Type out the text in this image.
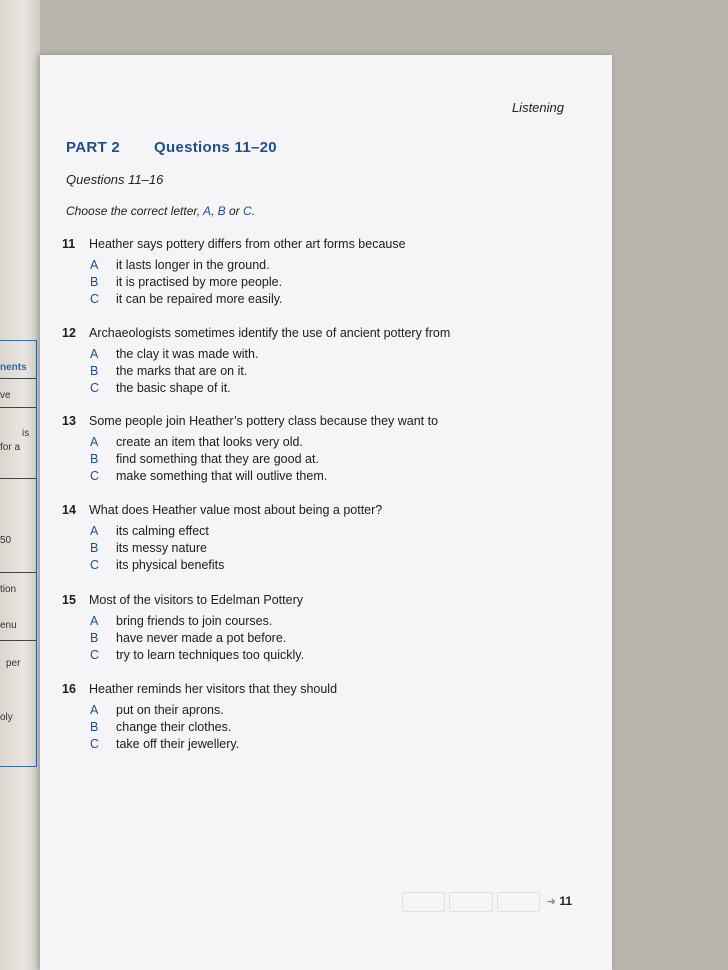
nents
ve
is
for a
50
tion
enu
per
oly
Listening
PART 2 Questions 11–20
Questions 11–16
Choose the correct letter, A, B or C.
11 Heather says pottery differs from other art forms because
A it lasts longer in the ground.
B it is practised by more people.
C it can be repaired more easily.
12 Archaeologists sometimes identify the use of ancient pottery from
A the clay it was made with.
B the marks that are on it.
C the basic shape of it.
13 Some people join Heather’s pottery class because they want to
A create an item that looks very old.
B find something that they are good at.
C make something that will outlive them.
14 What does Heather value most about being a potter?
A its calming effect
B its messy nature
C its physical benefits
15 Most of the visitors to Edelman Pottery
A bring friends to join courses.
B have never made a pot before.
C try to learn techniques too quickly.
16 Heather reminds her visitors that they should
A put on their aprons.
B change their clothes.
C take off their jewellery.
➜ 11
